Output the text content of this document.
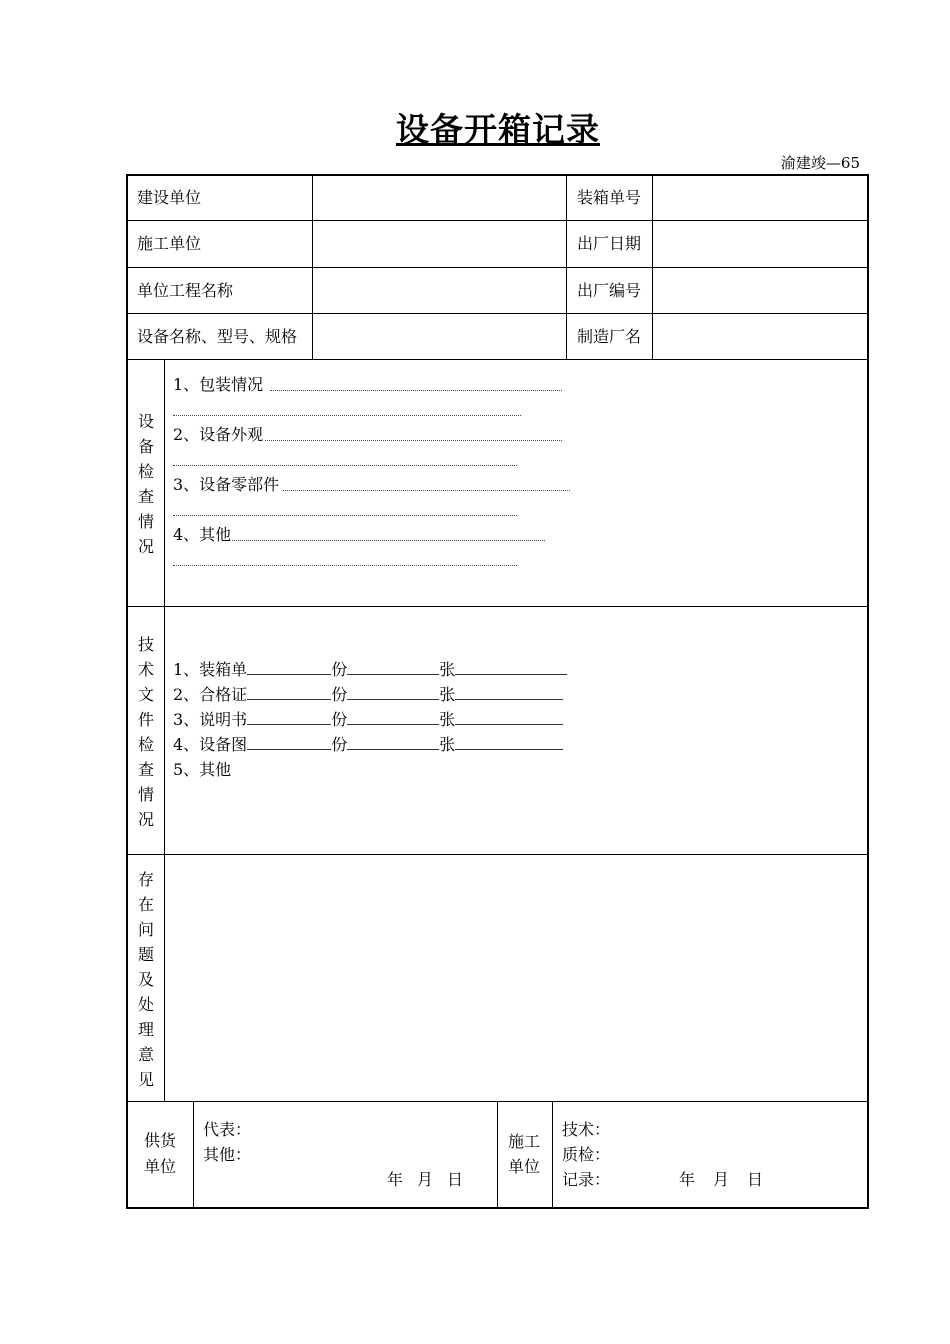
设备开箱记录
渝建竣—65
建设单位	装箱单号
施工单位	出厂日期
单位工程名称	出厂编号
设备名称、型号、规格	制造厂名
设
备
检
查
情
况
1、包装情况
2、设备外观
3、设备零部件
4、其他
技
术
文
件
检
查
情
况
1、装箱单	份	张
2、合格证	份	张
3、说明书	份	张
4、设备图	份	张
5、其他
存
在
问
题
及
处
理
意
见
供货
单位
代表：
其他：
年 月 日
施工
单位
技术：
质检：
记录：	年 月 日
